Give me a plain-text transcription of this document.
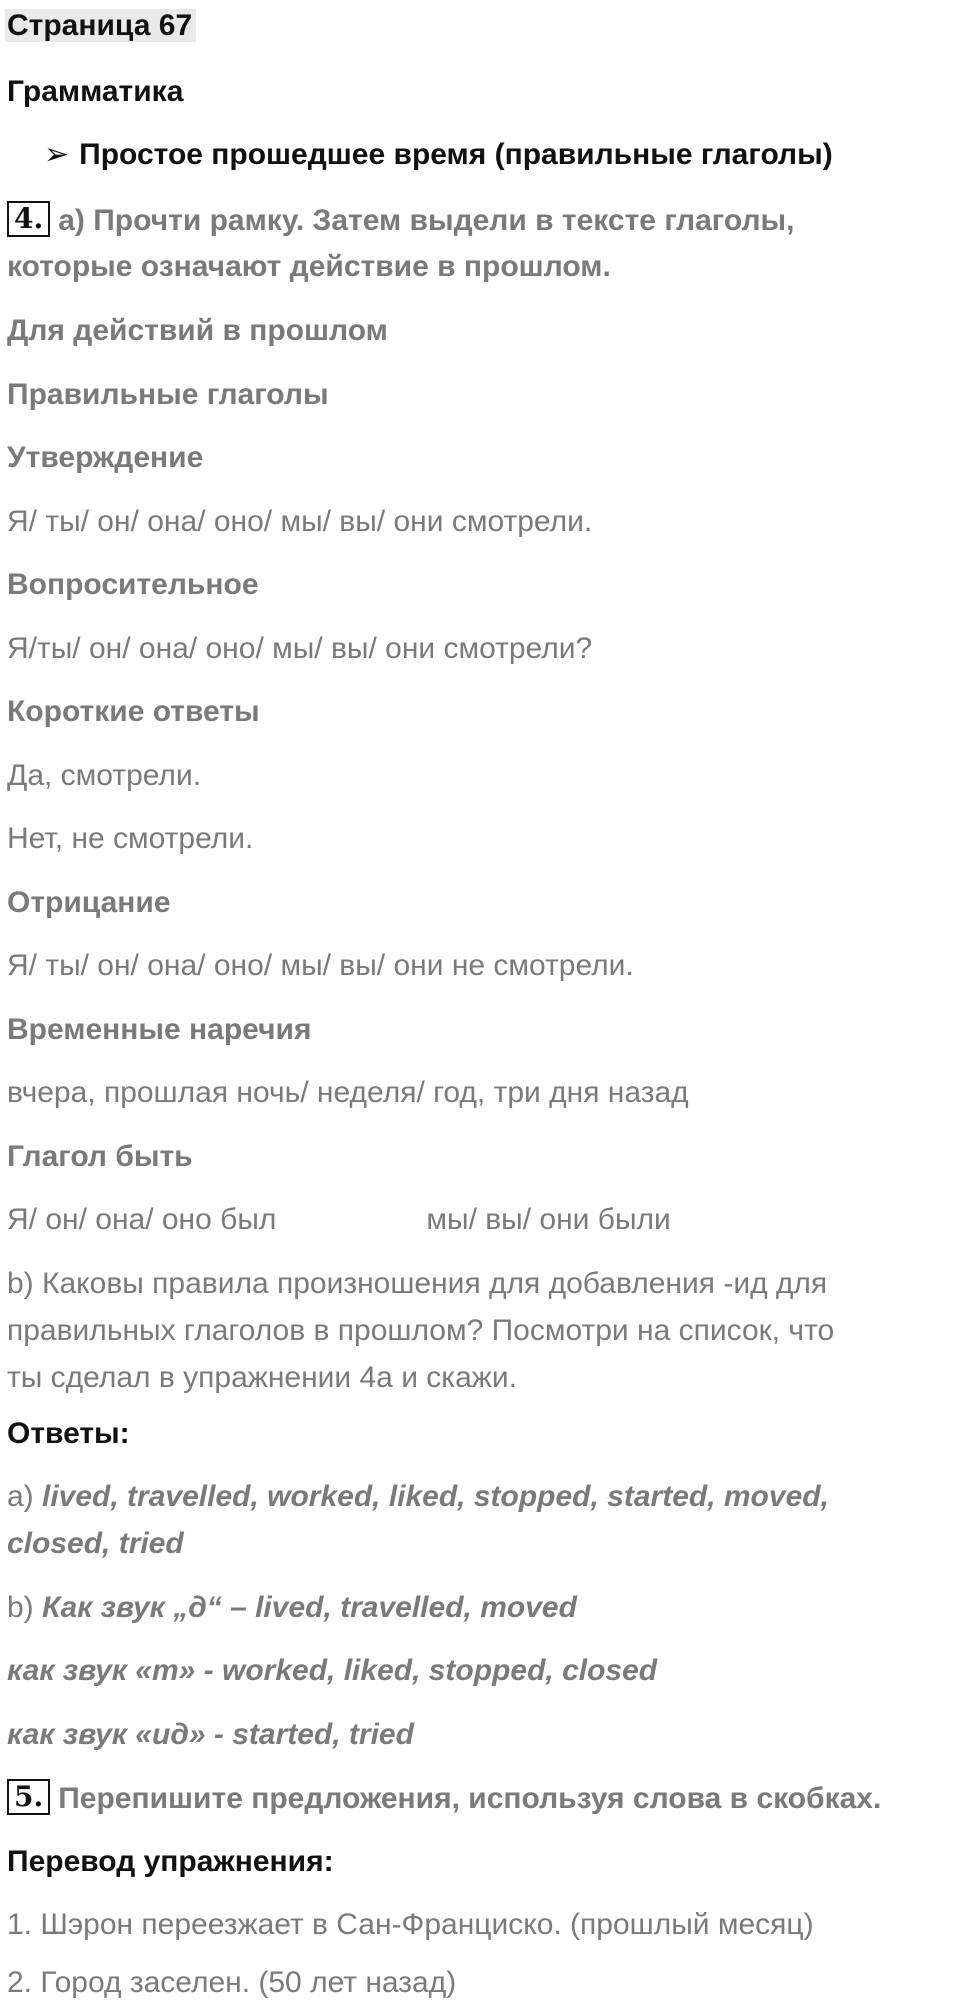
Страница 67
Грамматика
➢ Простое прошедшее время (правильные глаголы)
4. а) Прочти рамку. Затем выдели в тексте глаголы,
которые означают действие в прошлом.
Для действий в прошлом
Правильные глаголы
Утверждение
Я/ ты/ он/ она/ оно/ мы/ вы/ они смотрели.
Вопросительное
Я/ты/ он/ она/ оно/ мы/ вы/ они смотрели?
Короткие ответы
Да, смотрели.
Нет, не смотрели.
Отрицание
Я/ ты/ он/ она/ оно/ мы/ вы/ они не смотрели.
Временные наречия
вчера, прошлая ночь/ неделя/ год, три дня назад
Глагол быть
Я/ он/ она/ оно был	мы/ вы/ они были
b) Каковы правила произношения для добавления -ид для
правильных глаголов в прошлом? Посмотри на список, что
ты сделал в упражнении 4а и скажи.
Ответы:
a) lived, travelled, worked, liked, stopped, started, moved,
closed, tried
b) Как звук „д“ – lived, travelled, moved
как звук «т» - worked, liked, stopped, closed
как звук «ид» - started, tried
5. Перепишите предложения, используя слова в скобках.
Перевод упражнения:
1. Шэрон переезжает в Сан-Франциско. (прошлый месяц)
2. Город заселен. (50 лет назад)
